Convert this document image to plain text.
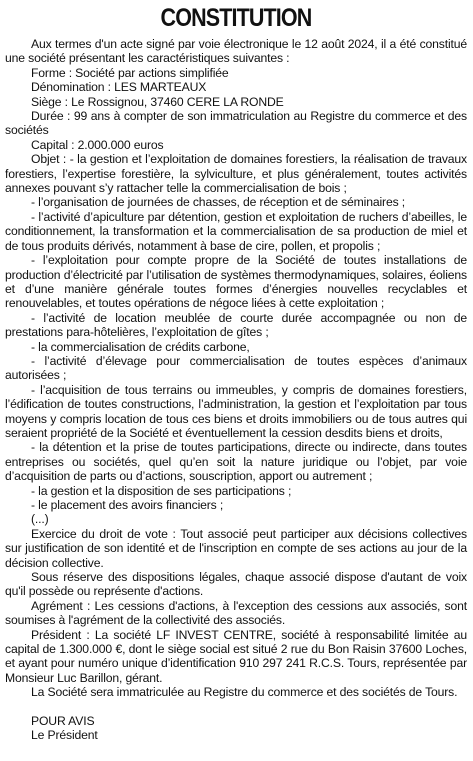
CONSTITUTION

Aux termes d'un acte signé par voie électronique le 12 août 2024, il a été constitué une société présentant les caractéristiques suivantes :

Forme : Société par actions simplifiée

Dénomination : LES MARTEAUX

Siège : Le Rossignou, 37460 CERE LA RONDE

Durée : 99 ans à compter de son immatriculation au Registre du commerce et des sociétés

Capital : 2.000.000 euros

Objet : - la gestion et l’exploitation de domaines forestiers, la réalisation de travaux forestiers, l’expertise forestière, la sylviculture, et plus généralement, toutes activités annexes pouvant s’y rattacher telle la commercialisation de bois ;

- l’organisation de journées de chasses, de réception et de séminaires ;

- l’activité d’apiculture par détention, gestion et exploitation de ruchers d’abeilles, le conditionnement, la transformation et la commercialisation de sa production de miel et de tous produits dérivés, notamment à base de cire, pollen, et propolis ;

- l’exploitation pour compte propre de la Société de toutes installations de production d’électricité par l’utilisation de systèmes thermodynamiques, solaires, éoliens et d’une manière générale toutes formes d’énergies nouvelles recyclables et renouvelables, et toutes opérations de négoce liées à cette exploitation ;

- l’activité de location meublée de courte durée accompagnée ou non de prestations para-hôtelières, l’exploitation de gîtes ;

- la commercialisation de crédits carbone,

- l’activité d’élevage pour commercialisation de toutes espèces d’animaux autorisées ;

- l’acquisition de tous terrains ou immeubles, y compris de domaines forestiers, l’édification de toutes constructions, l’administration, la gestion et l’exploitation par tous moyens y compris location de tous ces biens et droits immobiliers ou de tous autres qui seraient propriété de la Société et éventuellement la cession desdits biens et droits,

- la détention et la prise de toutes participations, directe ou indirecte, dans toutes entreprises ou sociétés, quel qu’en soit la nature juridique ou l’objet, par voie d’acquisition de parts ou d’actions, souscription, apport ou autrement ;

- la gestion et la disposition de ses participations ;

- le placement des avoirs financiers ;

(...)

Exercice du droit de vote : Tout associé peut participer aux décisions collectives sur justification de son identité et de l'inscription en compte de ses actions au jour de la décision collective.

Sous réserve des dispositions légales, chaque associé dispose d'autant de voix qu'il possède ou représente d'actions.

Agrément : Les cessions d'actions, à l'exception des cessions aux associés, sont soumises à l'agrément de la collectivité des associés.

Président : La société LF INVEST CENTRE, société à responsabilité limitée au capital de 1.300.000 €, dont le siège social est situé 2 rue du Bon Raisin 37600 Loches, et ayant pour numéro unique d’identification 910 297 241 R.C.S. Tours, représentée par Monsieur Luc Barillon, gérant.

La Société sera immatriculée au Registre du commerce et des sociétés de Tours.

POUR AVIS

Le Président
